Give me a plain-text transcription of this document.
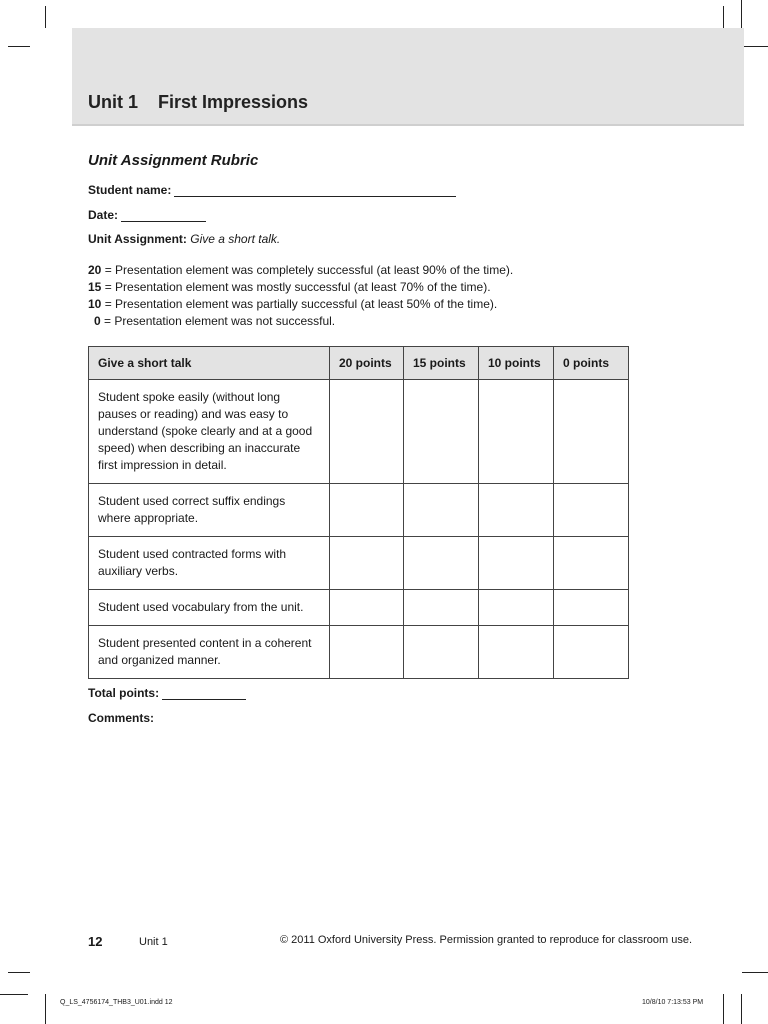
Unit 1 First Impressions
Unit Assignment Rubric
Student name:
Date:
Unit Assignment: Give a short talk.
20 = Presentation element was completely successful (at least 90% of the time).
15 = Presentation element was mostly successful (at least 70% of the time).
10 = Presentation element was partially successful (at least 50% of the time).
0 = Presentation element was not successful.
Give a short talk	20 points	15 points	10 points	0 points
Student spoke easily (without long pauses or reading) and was easy to understand (spoke clearly and at a good speed) when describing an inaccurate first impression in detail.				
Student used correct suffix endings where appropriate.				
Student used contracted forms with auxiliary verbs.				
Student used vocabulary from the unit.				
Student presented content in a coherent and organized manner.				
Total points:
Comments:
12	Unit 1	© 2011 Oxford University Press. Permission granted to reproduce for classroom use.
Q_LS_4756174_THB3_U01.indd 12	10/8/10 7:13:53 PM
